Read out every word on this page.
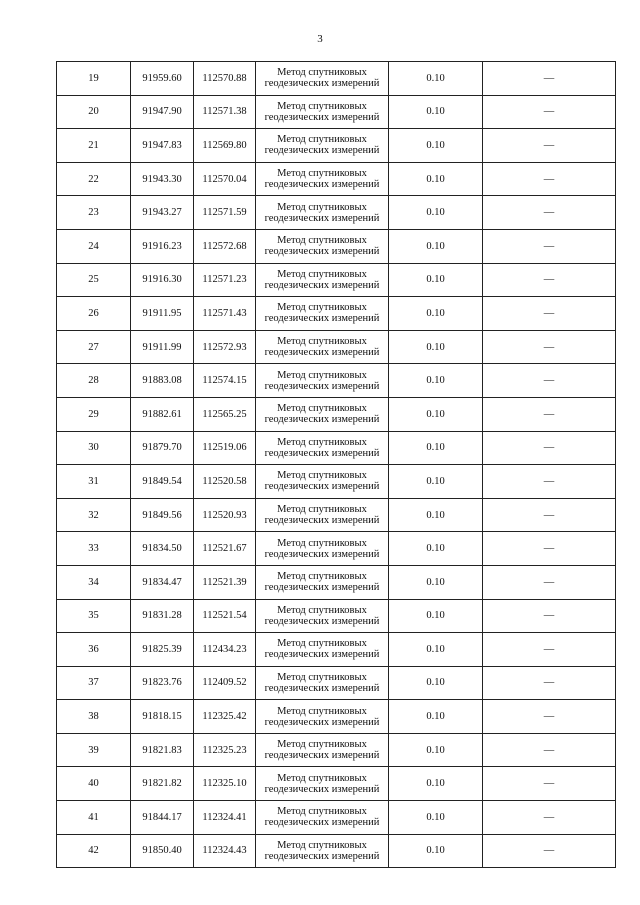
3
19	91959.60	112570.88	Метод спутниковых
геодезических измерений	0.10	—
20	91947.90	112571.38	Метод спутниковых
геодезических измерений	0.10	—
21	91947.83	112569.80	Метод спутниковых
геодезических измерений	0.10	—
22	91943.30	112570.04	Метод спутниковых
геодезических измерений	0.10	—
23	91943.27	112571.59	Метод спутниковых
геодезических измерений	0.10	—
24	91916.23	112572.68	Метод спутниковых
геодезических измерений	0.10	—
25	91916.30	112571.23	Метод спутниковых
геодезических измерений	0.10	—
26	91911.95	112571.43	Метод спутниковых
геодезических измерений	0.10	—
27	91911.99	112572.93	Метод спутниковых
геодезических измерений	0.10	—
28	91883.08	112574.15	Метод спутниковых
геодезических измерений	0.10	—
29	91882.61	112565.25	Метод спутниковых
геодезических измерений	0.10	—
30	91879.70	112519.06	Метод спутниковых
геодезических измерений	0.10	—
31	91849.54	112520.58	Метод спутниковых
геодезических измерений	0.10	—
32	91849.56	112520.93	Метод спутниковых
геодезических измерений	0.10	—
33	91834.50	112521.67	Метод спутниковых
геодезических измерений	0.10	—
34	91834.47	112521.39	Метод спутниковых
геодезических измерений	0.10	—
35	91831.28	112521.54	Метод спутниковых
геодезических измерений	0.10	—
36	91825.39	112434.23	Метод спутниковых
геодезических измерений	0.10	—
37	91823.76	112409.52	Метод спутниковых
геодезических измерений	0.10	—
38	91818.15	112325.42	Метод спутниковых
геодезических измерений	0.10	—
39	91821.83	112325.23	Метод спутниковых
геодезических измерений	0.10	—
40	91821.82	112325.10	Метод спутниковых
геодезических измерений	0.10	—
41	91844.17	112324.41	Метод спутниковых
геодезических измерений	0.10	—
42	91850.40	112324.43	Метод спутниковых
геодезических измерений	0.10	—
